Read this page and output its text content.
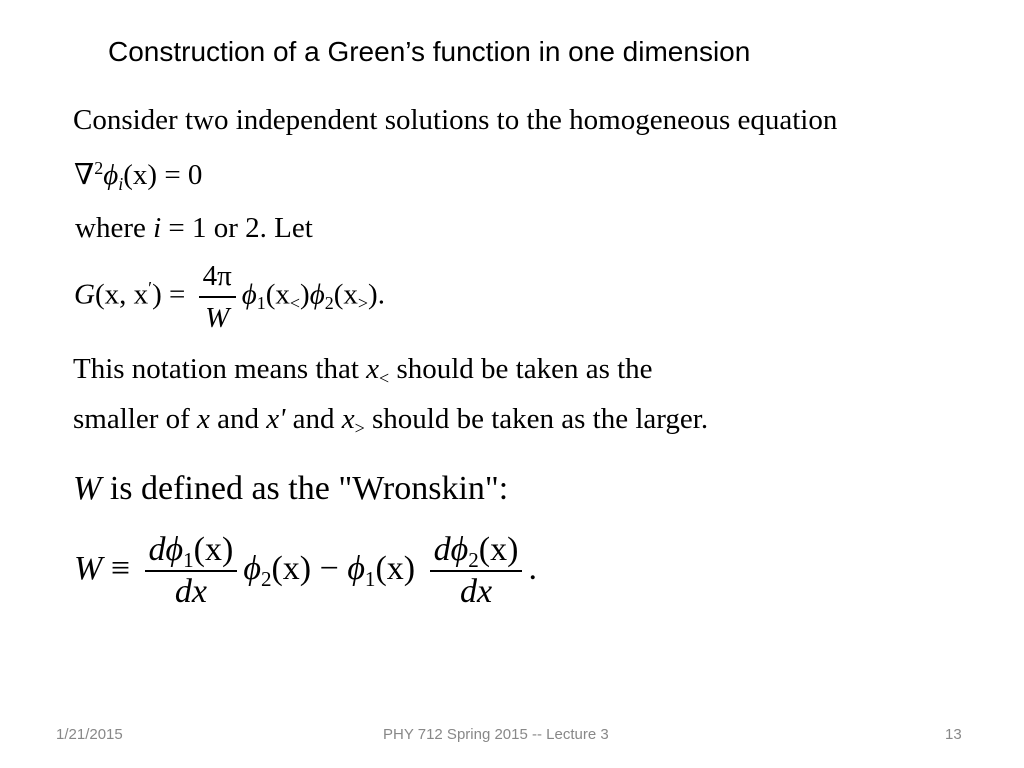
Construction of a Green’s function in one dimension
Consider two independent solutions to the homogeneous equation
$\nabla^2\phi_i(x) = 0$
where i = 1 or 2. Let
G(x, $x') = \frac{4\pi}{W} \phi_1(x_<)\phi_2(x_>)$.
This notation means that $x_<$ should be taken as the
smaller of x and x' and $x_>$ should be taken as the larger.
W is defined as the "Wronskin":
$W \equiv \frac{d\phi_1(x)}{dx} \phi_2(x) - \phi_1(x) \frac{d\phi_2(x)}{dx}$ .
1/21/2015	PHY 712 Spring 2015 -- Lecture 3	13
